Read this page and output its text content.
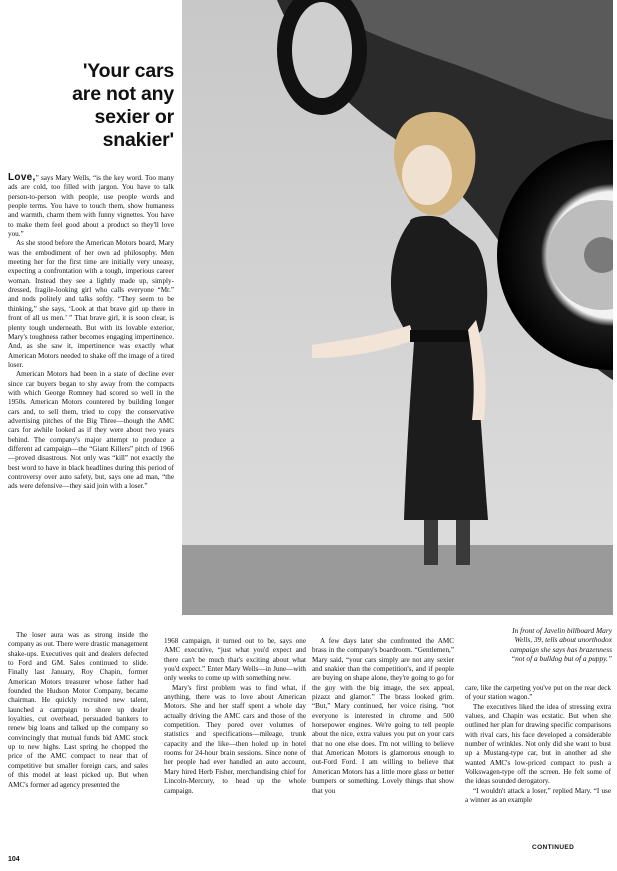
'Your cars
are not any
sexier or
snakier'

Love,” says Mary Wells, “is the key word. Too many ads are cold, too filled with jargon. You have to talk person-to-person with people, use people words and people terms. You have to touch them, show humaness and warmth, charm them with funny vignettes. You have to make them feel good about a product so they'll love you.”

As she stood before the American Motors board, Mary was the embodiment of her own ad philosophy. Men meeting her for the first time are initially very uneasy, expecting a confrontation with a tough, imperious career woman. Instead they see a lightly made up, simply-dressed, fragile-looking girl who calls everyone “Mr.” and nods politely and talks softly. “They seem to be thinking,” she says, ‘Look at that brave girl up there in front of all us men.’ ” That brave girl, it is soon clear, is plenty tough underneath. But with its lovable exterior, Mary's toughness rather becomes engaging impertinence. And, as she saw it, impertinence was exactly what American Motors needed to shake off the image of a tired loser.

American Motors had been in a state of decline ever since car buyers began to shy away from the compacts with which George Romney had scored so well in the 1950s. American Motors countered by building longer cars and, to sell them, tried to copy the conservative advertising pitches of the Big Three—though the AMC cars for awhile looked as if they were about two years behind. The company's major attempt to produce a different ad campaign—the “Giant Killers” pitch of 1966—proved disastrous. Not only was “kill” not exactly the best word to have in black headlines during this period of controversy over auto safety, but, says one ad man, “the ads were defensive—they said join with a loser.”

The loser aura was as strong inside the company as out. There were drastic management shake-ups. Executives quit and dealers defected to Ford and GM. Sales continued to slide. Finally last January, Roy Chapin, former American Motors treasurer whose father had founded the Hudson Motor Company, became chairman. He quickly recruited new talent, launched a campaign to shore up dealer loyalties, cut overhead, persuaded bankers to renew big loans and talked up the company so convincingly that mutual funds bid AMC stock up to new highs. Last spring he chopped the price of the AMC compact to near that of competitive but smaller foreign cars, and sales of this model at least picked up. But when AMC's former ad agency presented the

1968 campaign, it turned out to be, says one AMC executive, “just what you'd expect and there can't be much that's exciting about what you'd expect.” Enter Mary Wells—in June—with only weeks to come up with something new.

Mary's first problem was to find what, if anything, there was to love about American Motors. She and her staff spent a whole day actually driving the AMC cars and those of the competition. They pored over volumes of statistics and specifications—mileage, trunk capacity and the like—then holed up in hotel rooms for 24-hour brain sessions. Since none of her people had ever handled an auto account, Mary hired Herb Fisher, merchandising chief for Lincoln-Mercury, to head up the whole campaign.

A few days later she confronted the AMC brass in the company's boardroom. “Gentlemen,” Mary said, “your cars simply are not any sexier and snakier than the competition's, and if people are buying on shape alone, they're going to go for the guy with the big image, the sex appeal, pizazz and glamor.” The brass looked grim. “But,” Mary continued, her voice rising, “not everyone is interested in chrome and 500 horsepower engines. We're going to tell people about the nice, extra values you put on your cars that no one else does. I'm not willing to believe that American Motors is glamorous enough to out-Ford Ford. I am willing to believe that American Motors has a little more glass or better bumpers or something. Lovely things that show that you

care, like the carpeting you've put on the rear deck of your station wagon.”

The executives liked the idea of stressing extra values, and Chapin was ecstatic. But when she outlined her plan for drawing specific comparisons with rival cars, his face developed a considerable number of wrinkles. Not only did she want to bust up a Mustang-type car, but in another ad she wanted AMC's low-priced compact to push a Volkswagen-type off the screen. He felt some of the ideas sounded derogatory.

“I wouldn't attack a loser,” replied Mary. “I use a winner as an example

In front of Javelin billboard Mary
Wells, 39, tells about unorthodox
campaign she says has brazenness
“not of a bulldog but of a puppy.”
CONTINUED
104
